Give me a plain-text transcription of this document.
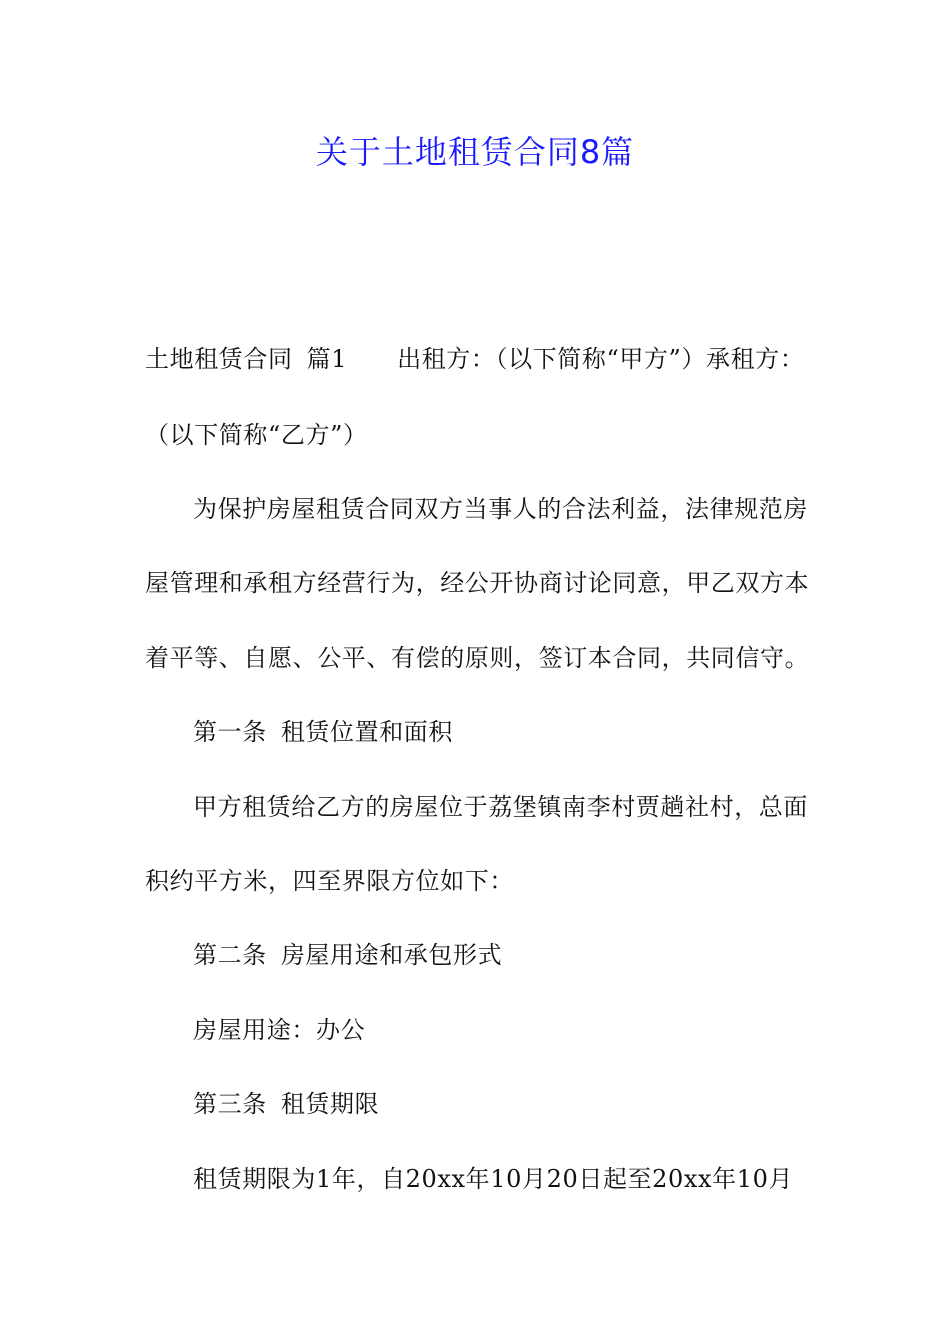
关于土地租赁合同8篇
土地租赁合同 篇1 出租方：（以下简称“甲方”）承租方：
（以下简称“乙方”）
为保护房屋租赁合同双方当事人的合法利益，法律规范房
屋管理和承租方经营行为，经公开协商讨论同意，甲乙双方本
着平等、自愿、公平、有偿的原则，签订本合同，共同信守。
第一条 租赁位置和面积
甲方租赁给乙方的房屋位于荔堡镇南李村贾趟社村，总面
积约平方米，四至界限方位如下：
第二条 房屋用途和承包形式
房屋用途：办公
第三条 租赁期限
租赁期限为1年，自20xx年10月20日起至20xx年10月
